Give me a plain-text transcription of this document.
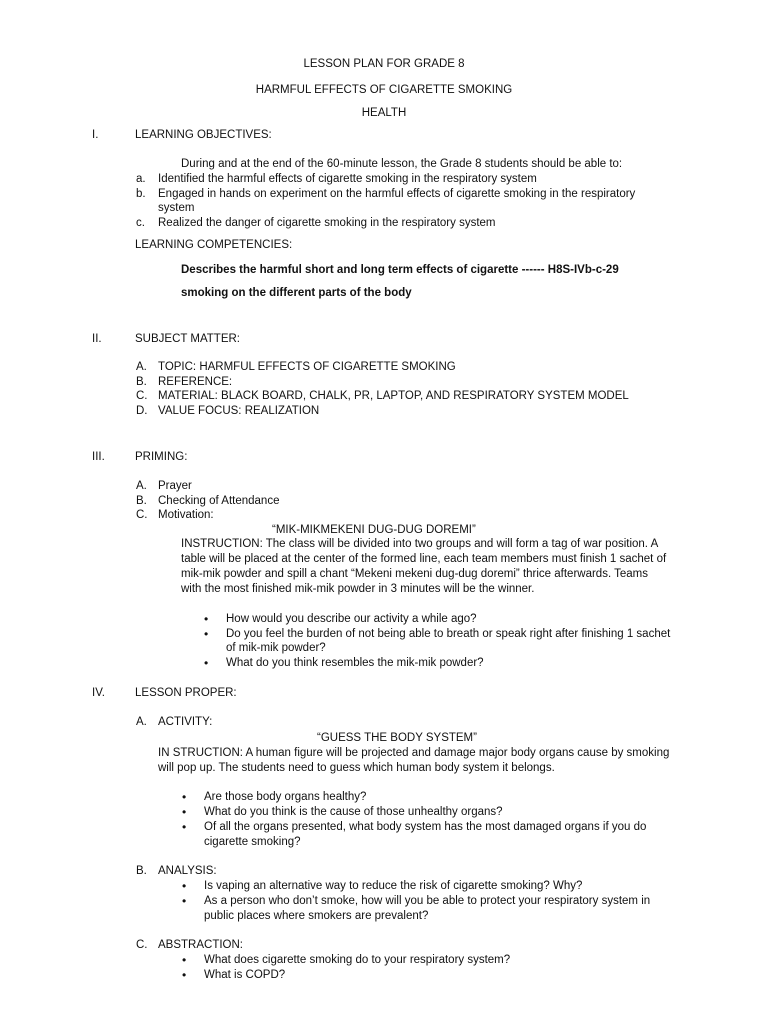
LESSON PLAN FOR GRADE 8
HARMFUL EFFECTS OF CIGARETTE SMOKING
HEALTH
I.	LEARNING OBJECTIVES:
During and at the end of the 60-minute lesson, the Grade 8 students should be able to:
a. Identified the harmful effects of cigarette smoking in the respiratory system
b. Engaged in hands on experiment on the harmful effects of cigarette smoking in the respiratory
system
c. Realized the danger of cigarette smoking in the respiratory system
LEARNING COMPETENCIES:
Describes the harmful short and long term effects of cigarette ------ H8S-IVb-c-29
smoking on the different parts of the body
II.	SUBJECT MATTER:
A. TOPIC: HARMFUL EFFECTS OF CIGARETTE SMOKING
B. REFERENCE:
C. MATERIAL: BLACK BOARD, CHALK, PR, LAPTOP, AND RESPIRATORY SYSTEM MODEL
D. VALUE FOCUS: REALIZATION
III.	PRIMING:
A. Prayer
B. Checking of Attendance
C. Motivation:
“MIK-MIKMEKENI DUG-DUG DOREMI”
INSTRUCTION: The class will be divided into two groups and will form a tag of war position. A
table will be placed at the center of the formed line, each team members must finish 1 sachet of
mik-mik powder and spill a chant “Mekeni mekeni dug-dug doremi” thrice afterwards. Teams
with the most finished mik-mik powder in 3 minutes will be the winner.
• How would you describe our activity a while ago?
• Do you feel the burden of not being able to breath or speak right after finishing 1 sachet
of mik-mik powder?
• What do you think resembles the mik-mik powder?
IV.	LESSON PROPER:
A. ACTIVITY:
“GUESS THE BODY SYSTEM”
IN STRUCTION: A human figure will be projected and damage major body organs cause by smoking
will pop up. The students need to guess which human body system it belongs.
• Are those body organs healthy?
• What do you think is the cause of those unhealthy organs?
• Of all the organs presented, what body system has the most damaged organs if you do
cigarette smoking?
B. ANALYSIS:
• Is vaping an alternative way to reduce the risk of cigarette smoking? Why?
• As a person who don’t smoke, how will you be able to protect your respiratory system in
public places where smokers are prevalent?
C. ABSTRACTION:
• What does cigarette smoking do to your respiratory system?
• What is COPD?
